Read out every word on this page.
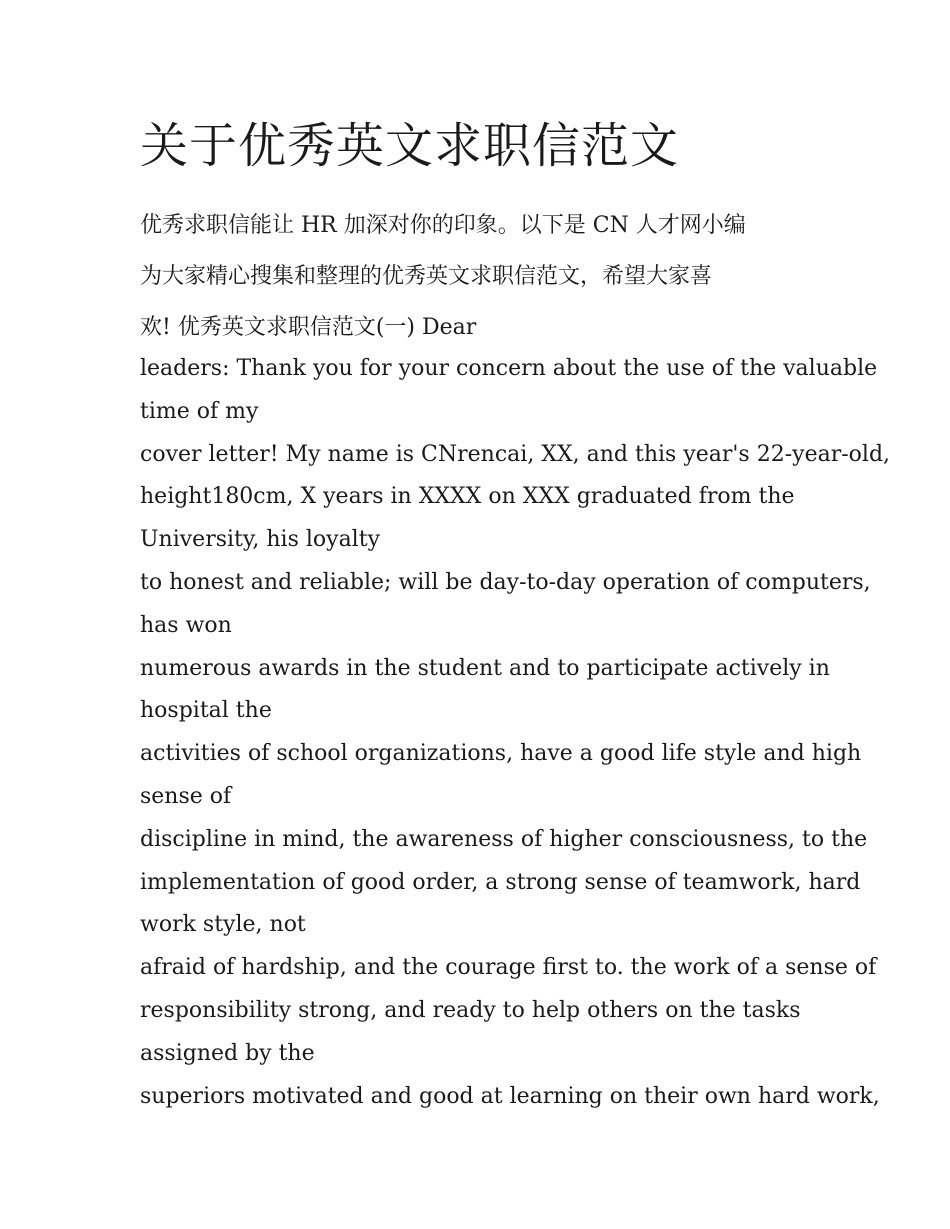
关于优秀英文求职信范文
优秀求职信能让 HR 加深对你的印象。以下是 CN 人才网小编
为大家精心搜集和整理的优秀英文求职信范文，希望大家喜
欢! 优秀英文求职信范文(一) Dear
leaders: Thank you for your concern about the use of the valuable
time of my
cover letter! My name is CNrencai, XX, and this year's 22-year-old,
height180cm, X years in XXXX on XXX graduated from the
University, his loyalty
to honest and reliable; will be day-to-day operation of computers,
has won
numerous awards in the student and to participate actively in
hospital the
activities of school organizations, have a good life style and high
sense of
discipline in mind, the awareness of higher consciousness, to the
implementation of good order, a strong sense of teamwork, hard
work style, not
afraid of hardship, and the courage first to. the work of a sense of
responsibility strong, and ready to help others on the tasks
assigned by the
superiors motivated and good at learning on their own hard work,
